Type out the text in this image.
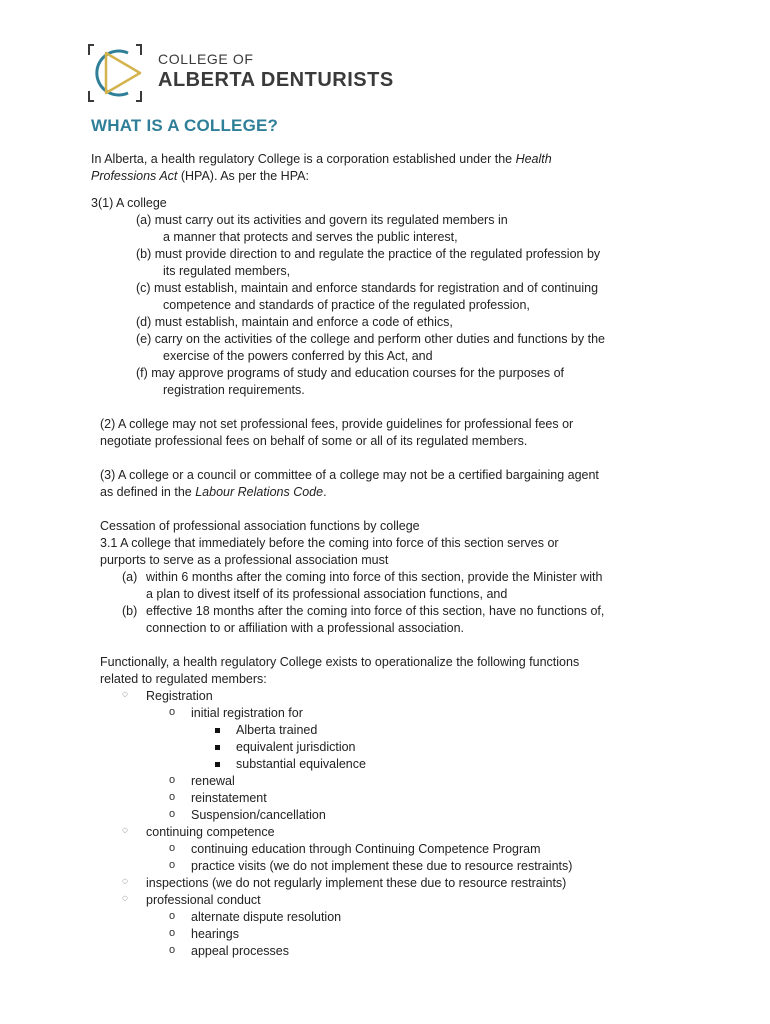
COLLEGE OF
ALBERTA DENTURISTS
WHAT IS A COLLEGE?
In Alberta, a health regulatory College is a corporation established under the Health
Professions Act (HPA). As per the HPA:
3(1) A college
(a) must carry out its activities and govern its regulated members in
a manner that protects and serves the public interest,
(b) must provide direction to and regulate the practice of the regulated profession by
its regulated members,
(c) must establish, maintain and enforce standards for registration and of continuing
competence and standards of practice of the regulated profession,
(d) must establish, maintain and enforce a code of ethics,
(e) carry on the activities of the college and perform other duties and functions by the
exercise of the powers conferred by this Act, and
(f) may approve programs of study and education courses for the purposes of
registration requirements.
(2) A college may not set professional fees, provide guidelines for professional fees or
negotiate professional fees on behalf of some or all of its regulated members.
(3) A college or a council or committee of a college may not be a certified bargaining agent
as defined in the Labour Relations Code.
Cessation of professional association functions by college
3.1 A college that immediately before the coming into force of this section serves or
purports to serve as a professional association must
(a) within 6 months after the coming into force of this section, provide the Minister with
a plan to divest itself of its professional association functions, and
(b) effective 18 months after the coming into force of this section, have no functions of,
connection to or affiliation with a professional association.
Functionally, a health regulatory College exists to operationalize the following functions
related to regulated members:
◌ Registration
o initial registration for
Alberta trained
equivalent jurisdiction
substantial equivalence
o renewal
o reinstatement
o Suspension/cancellation
◌ continuing competence
o continuing education through Continuing Competence Program
o practice visits (we do not implement these due to resource restraints)
◌ inspections (we do not regularly implement these due to resource restraints)
◌ professional conduct
o alternate dispute resolution
o hearings
o appeal processes
